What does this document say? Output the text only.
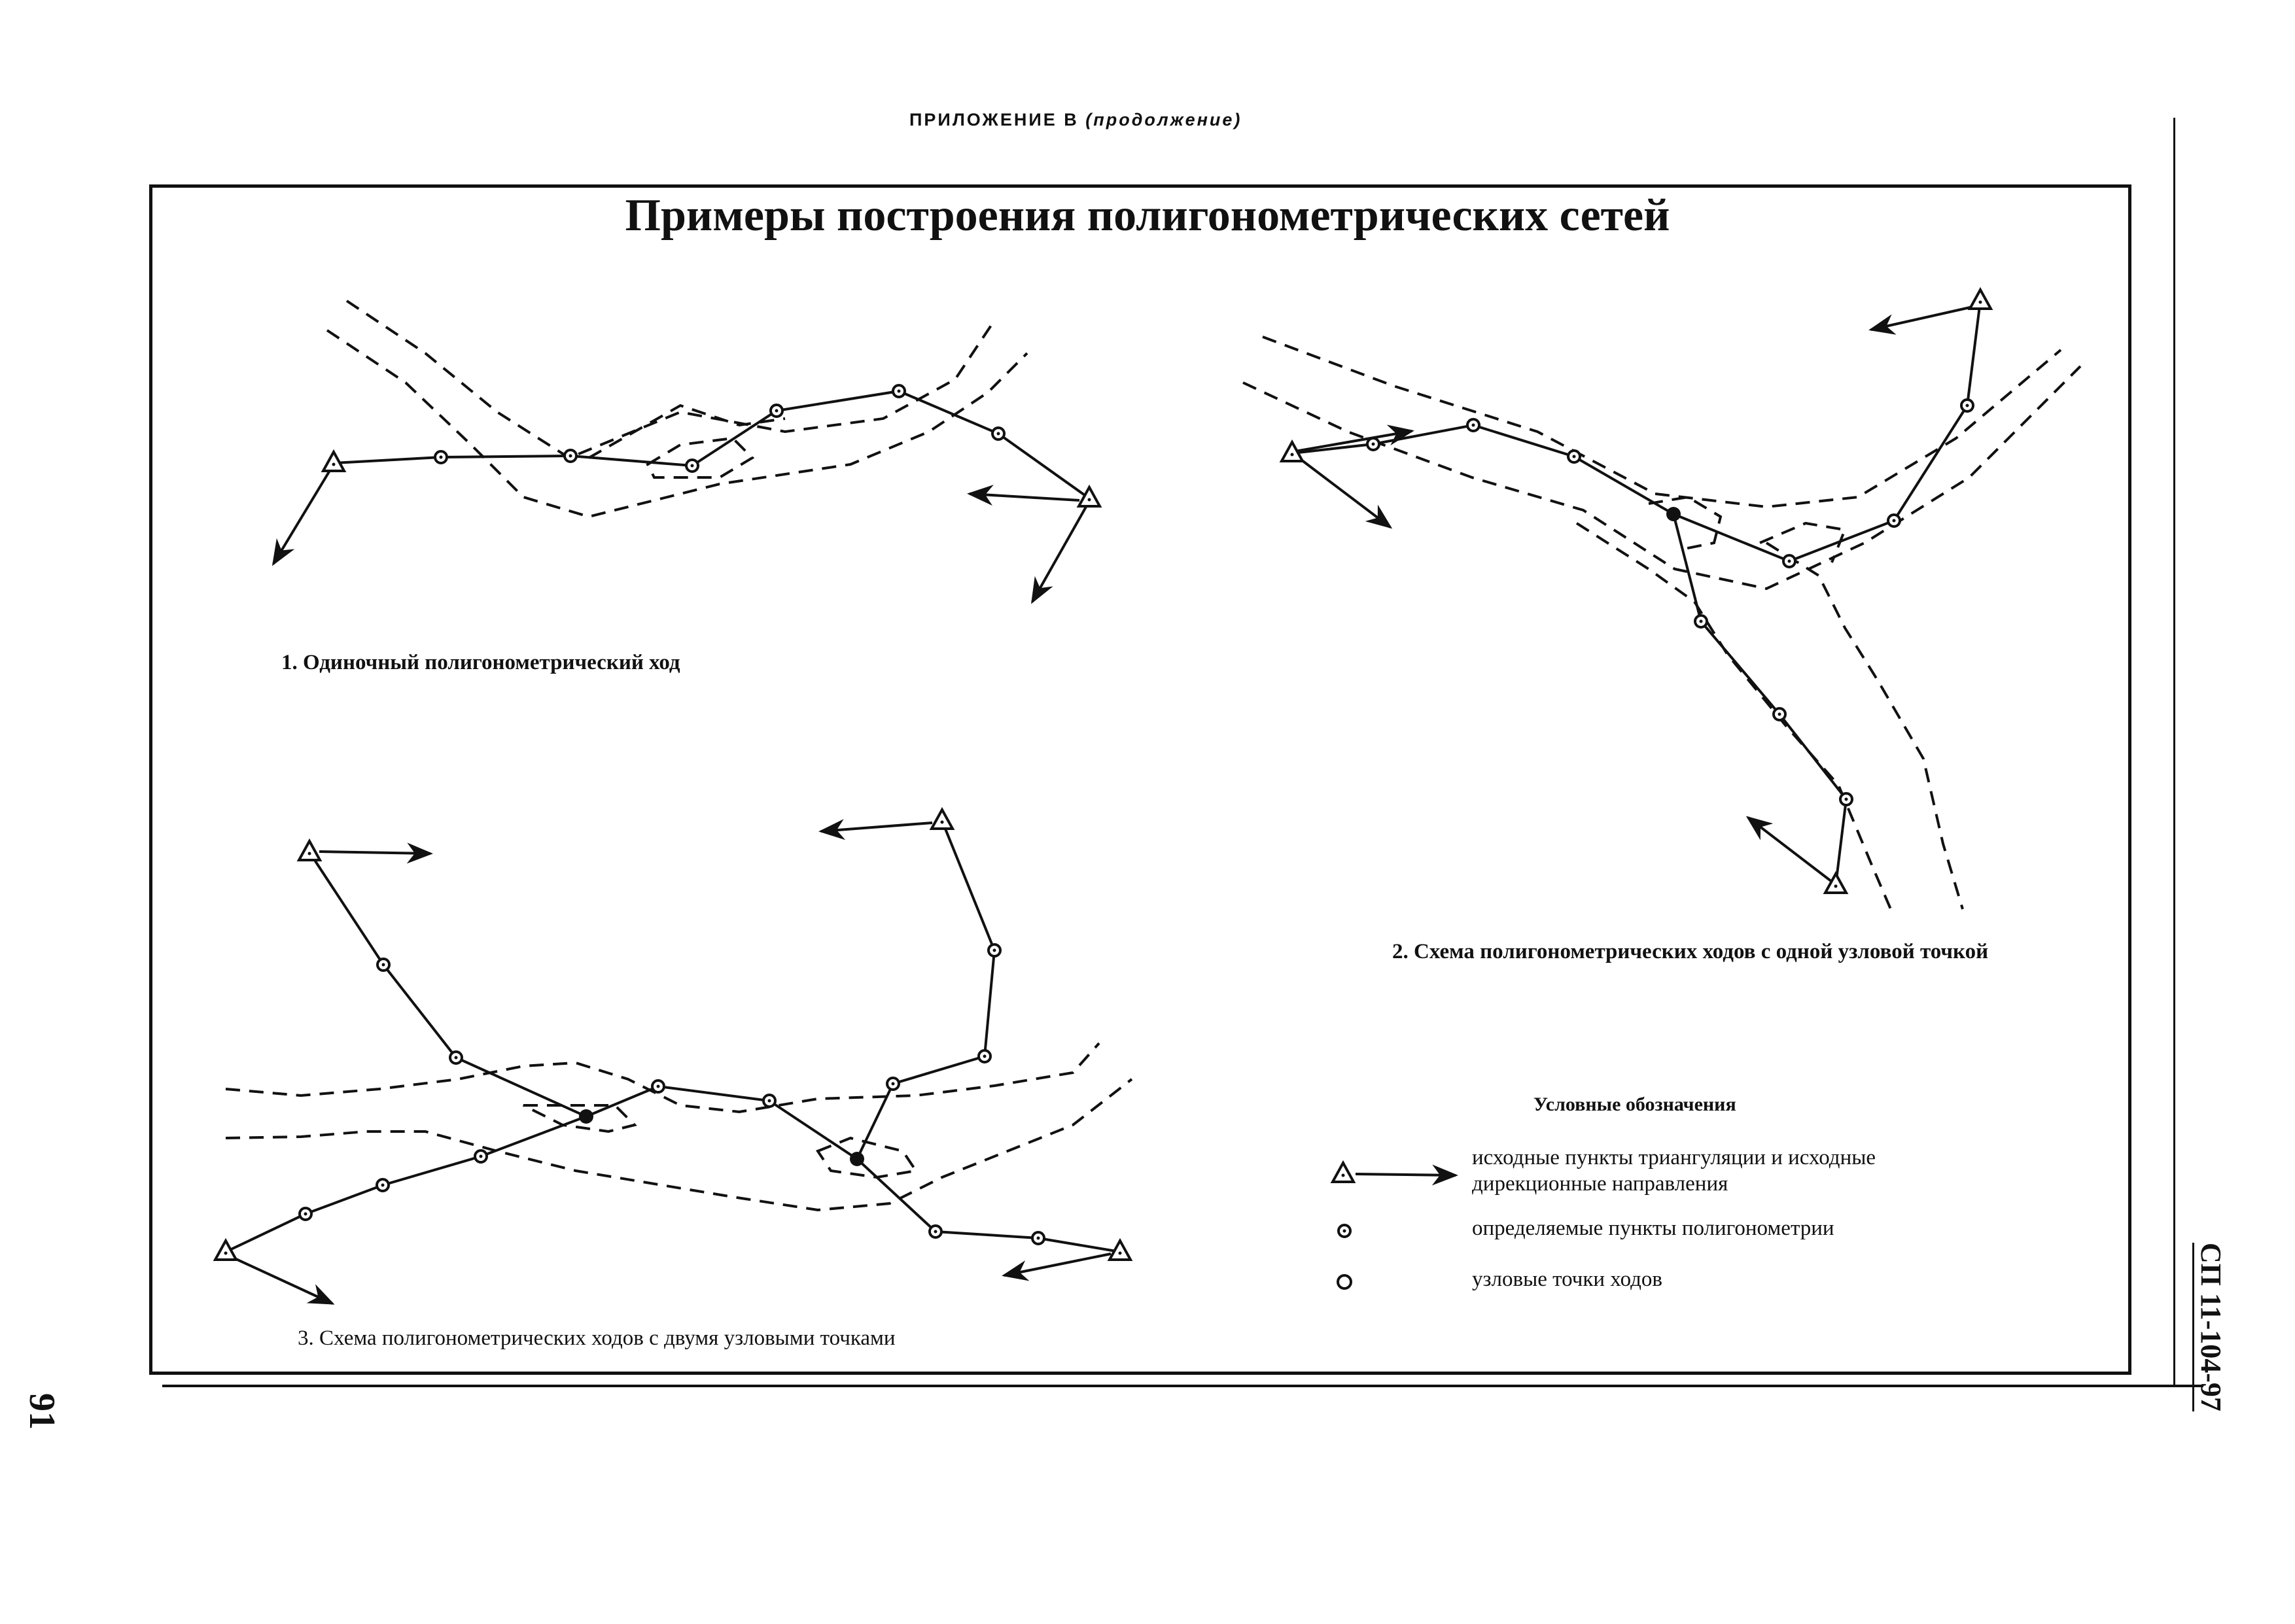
ПРИЛОЖЕНИЕ В (продолжение)
Примеры построения полигонометрических сетей
1. Одиночный полигонометрический ход
2. Схема полигонометрических ходов с одной узловой точкой
3. Схема полигонометрических ходов с двумя узловыми точками
Условные обозначения
исходные пункты триангуляции и исходные
дирекционные направления
определяемые пункты полигонометрии
узловые точки ходов
91
СП 11-104-97
